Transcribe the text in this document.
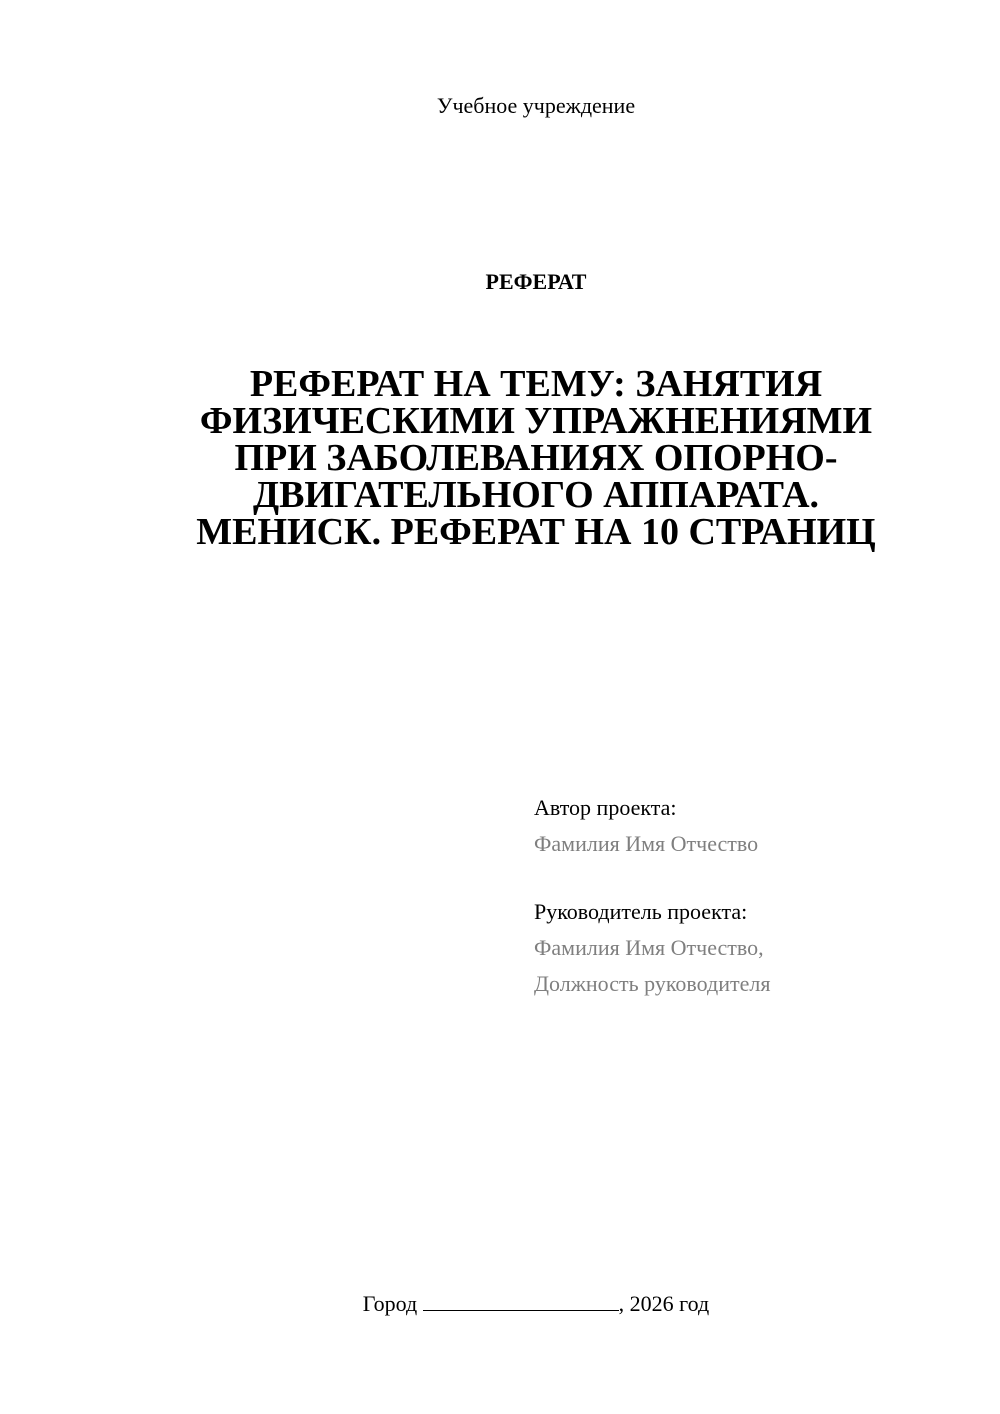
Учебное учреждение
РЕФЕРАТ
РЕФЕРАТ НА ТЕМУ: ЗАНЯТИЯ ФИЗИЧЕСКИМИ УПРАЖНЕНИЯМИ ПРИ ЗАБОЛЕВАНИЯХ ОПОРНО-ДВИГАТЕЛЬНОГО АППАРАТА. МЕНИСК. РЕФЕРАТ НА 10 СТРАНИЦ
Автор проекта:
Фамилия Имя Отчество
Руководитель проекта:
Фамилия Имя Отчество,
Должность руководителя
Город	, 2026 год
